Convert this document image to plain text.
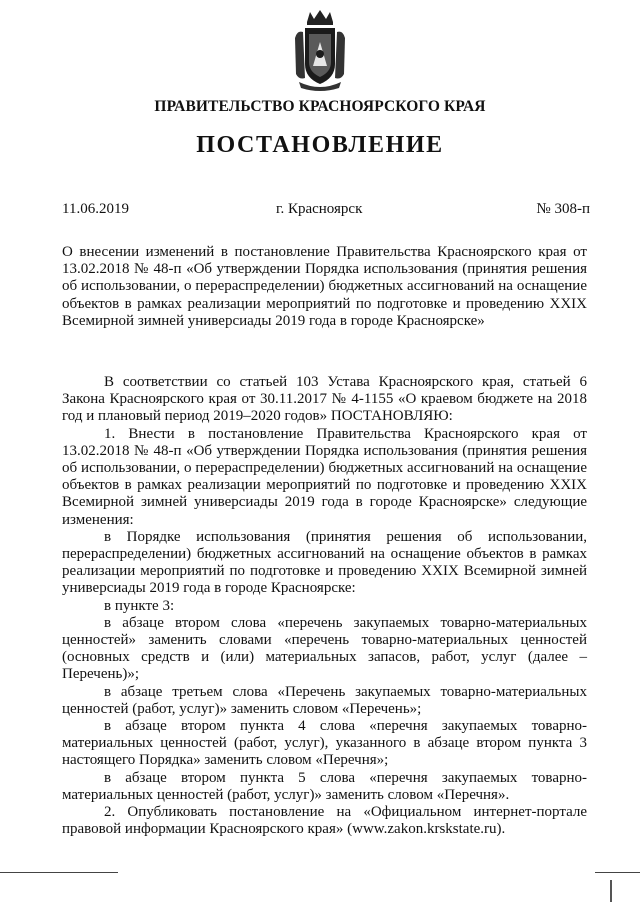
ПРАВИТЕЛЬСТВО КРАСНОЯРСКОГО КРАЯ
ПОСТАНОВЛЕНИЕ
11.06.2019	г. Красноярск	№ 308-п
О внесении изменений в постановление Правительства Красноярского края от 13.02.2018 № 48-п «Об утверждении Порядка использования (принятия решения об использовании, о перераспределении) бюджетных ассигнований на оснащение объектов в рамках реализации мероприятий по подготовке и проведению XXIX Всемирной зимней универсиады 2019 года в городе Красноярске»

В соответствии со статьей 103 Устава Красноярского края, статьей 6 Закона Красноярского края от 30.11.2017 № 4-1155 «О краевом бюджете на 2018 год и плановый период 2019–2020 годов» ПОСТАНОВЛЯЮ:

1. Внести в постановление Правительства Красноярского края от 13.02.2018 № 48-п «Об утверждении Порядка использования (принятия решения об использовании, о перераспределении) бюджетных ассигнований на оснащение объектов в рамках реализации мероприятий по подготовке и проведению XXIX Всемирной зимней универсиады 2019 года в городе Красноярске» следующие изменения:

в Порядке использования (принятия решения об использовании, перераспределении) бюджетных ассигнований на оснащение объектов в рамках реализации мероприятий по подготовке и проведению XXIX Всемирной зимней универсиады 2019 года в городе Красноярске:

в пункте 3:

в абзаце втором слова «перечень закупаемых товарно-материальных ценностей» заменить словами «перечень товарно-материальных ценностей (основных средств и (или) материальных запасов, работ, услуг (далее – Перечень)»;

в абзаце третьем слова «Перечень закупаемых товарно-материальных ценностей (работ, услуг)» заменить словом «Перечень»;

в абзаце втором пункта 4 слова «перечня закупаемых товарно-материальных ценностей (работ, услуг), указанного в абзаце втором пункта 3 настоящего Порядка» заменить словом «Перечня»;

в абзаце втором пункта 5 слова «перечня закупаемых товарно-материальных ценностей (работ, услуг)» заменить словом «Перечня».

2. Опубликовать постановление на «Официальном интернет-портале правовой информации Красноярского края» (www.zakon.krskstate.ru).
